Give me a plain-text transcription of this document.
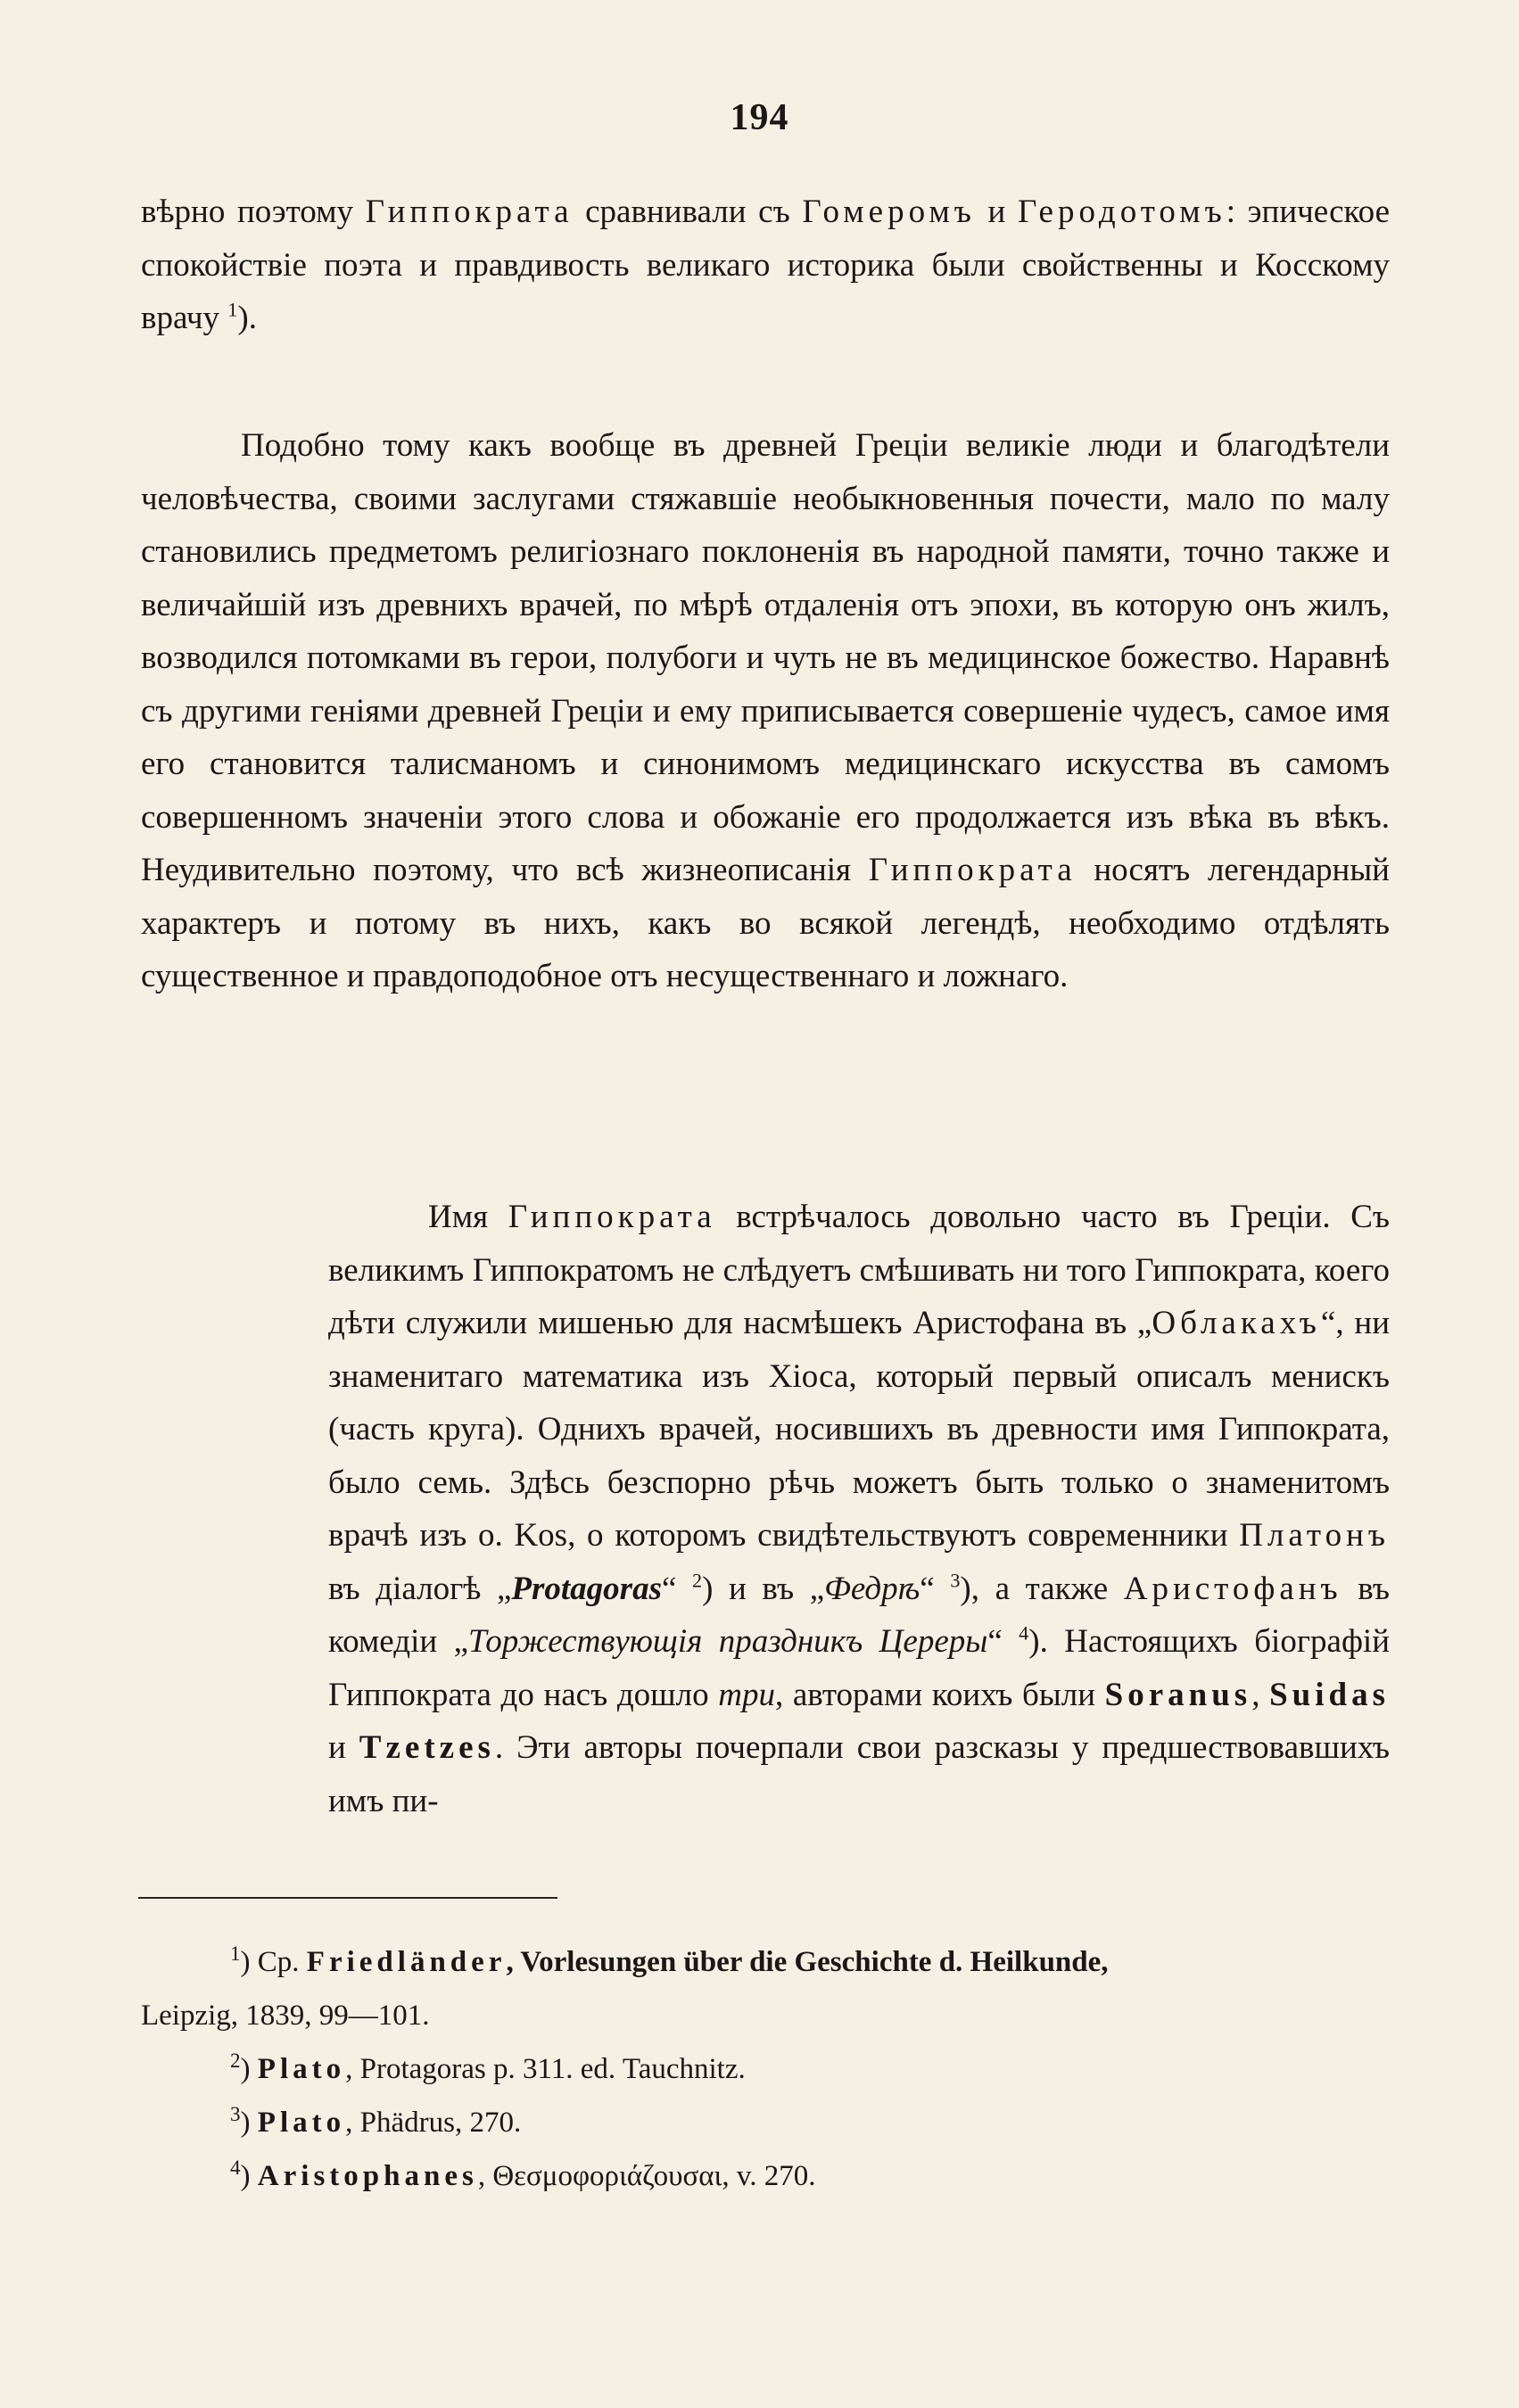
194
вѣрно поэтому Гиппократа сравнивали съ Гомеромъ и Геродотомъ: эпическое спокойствіе поэта и правдивость великаго историка были свойственны и Косскому врачу $^1$).
Подобно тому какъ вообще въ древней Греціи великіе люди и благодѣтели человѣчества, своими заслугами стяжавшіе необыкновенныя почести, мало по малу становились предметомъ религіознаго поклоненія въ народной памяти, точно также и величайшій изъ древнихъ врачей, по мѣрѣ отдаленія отъ эпохи, въ которую онъ жилъ, возводился потомками въ герои, полубоги и чуть не въ медицинское божество. Наравнѣ съ другими геніями древней Греціи и ему приписывается совершеніе чудесъ, самое имя его становится талисманомъ и синонимомъ медицинскаго искусства въ самомъ совершенномъ значеніи этого слова и обожаніе его продолжается изъ вѣка въ вѣкъ. Неудивительно поэтому, что всѣ жизнеописанія Гиппократа носятъ легендарный характеръ и потому въ нихъ, какъ во всякой легендѣ, необходимо отдѣлять существенное и правдоподобное отъ несущественнаго и ложнаго.
Имя Гиппократа встрѣчалось довольно часто въ Греціи. Съ великимъ Гиппократомъ не слѣдуетъ смѣшивать ни того Гиппократа, коего дѣти служили мишенью для насмѣшекъ Аристофана въ „Облакахъ“, ни знаменитаго математика изъ Хіоса, который первый описалъ менискъ (часть круга). Однихъ врачей, носившихъ въ древности имя Гиппократа, было семь. Здѣсь безспорно рѣчь можетъ быть только о знаменитомъ врачѣ изъ о. Kos, о которомъ свидѣтельствуютъ современники Платонъ въ діалогѣ „Protagoras“ $^2$) и въ „Федрѣ“ $^3$), а также Аристофанъ въ комедіи „Торжествующія праздникъ Цереры“ $^4$). Настоящихъ біографій Гиппократа до насъ дошло три, авторами коихъ были Soranus, Suidas и Tzetzes. Эти авторы почерпали свои разсказы у предшествовавшихъ имъ пи-
$^1$) Cp. Friedländer, Vorlesungen über die Geschichte d. Heilkunde,
Leipzig, 1839, 99—101.
$^2$) Plato, Protagoras p. 311. ed. Tauchnitz.
$^3$) Plato, Phädrus, 270.
$^4$) Aristophanes, Θεσμοφοριάζουσαι, v. 270.
